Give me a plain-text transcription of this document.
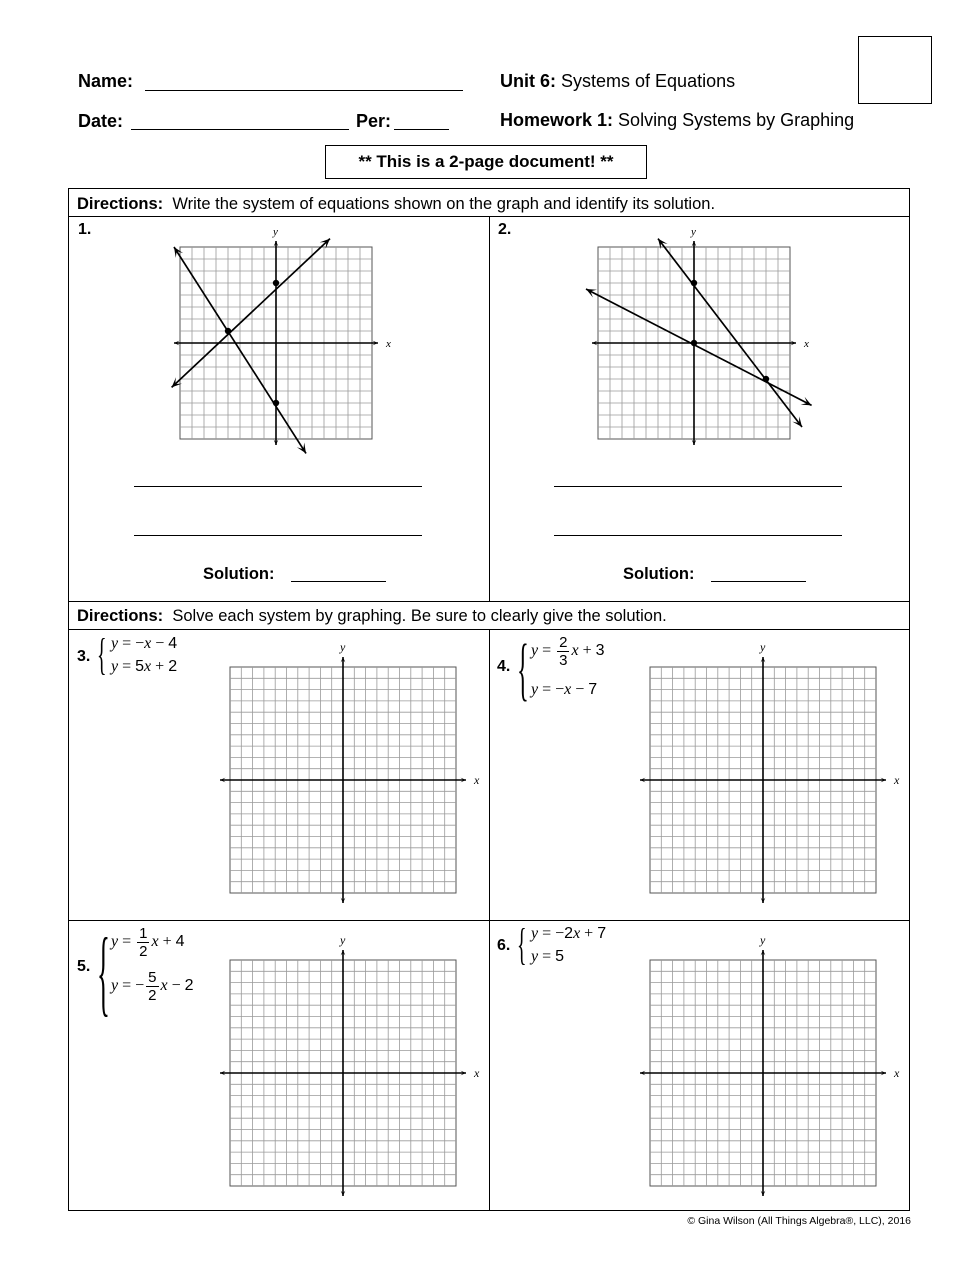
Name:
Date:	Per:
Unit 6: Systems of Equations
Homework 1: Solving Systems by Graphing
** This is a 2-page document! **
Directions: Write the system of equations shown on the graph and identify its solution.
Directions: Solve each system by graphing. Be sure to clearly give the solution.
1.
x
y
x
y
x
y
x
y
x
y
x
y
Solution:
2.
Solution:
3. { y = −x − 4
y = 5x + 2	4. { $y = \frac{2}{3}$ x + 3
y = −x − 7
5. { $y = \frac{1}{2}$ x + 4
y = − $\frac{5}{2}$ x − 2
6. { y = −2x + 7
y = 5
© Gina Wilson (All Things Algebra®, LLC), 2016
